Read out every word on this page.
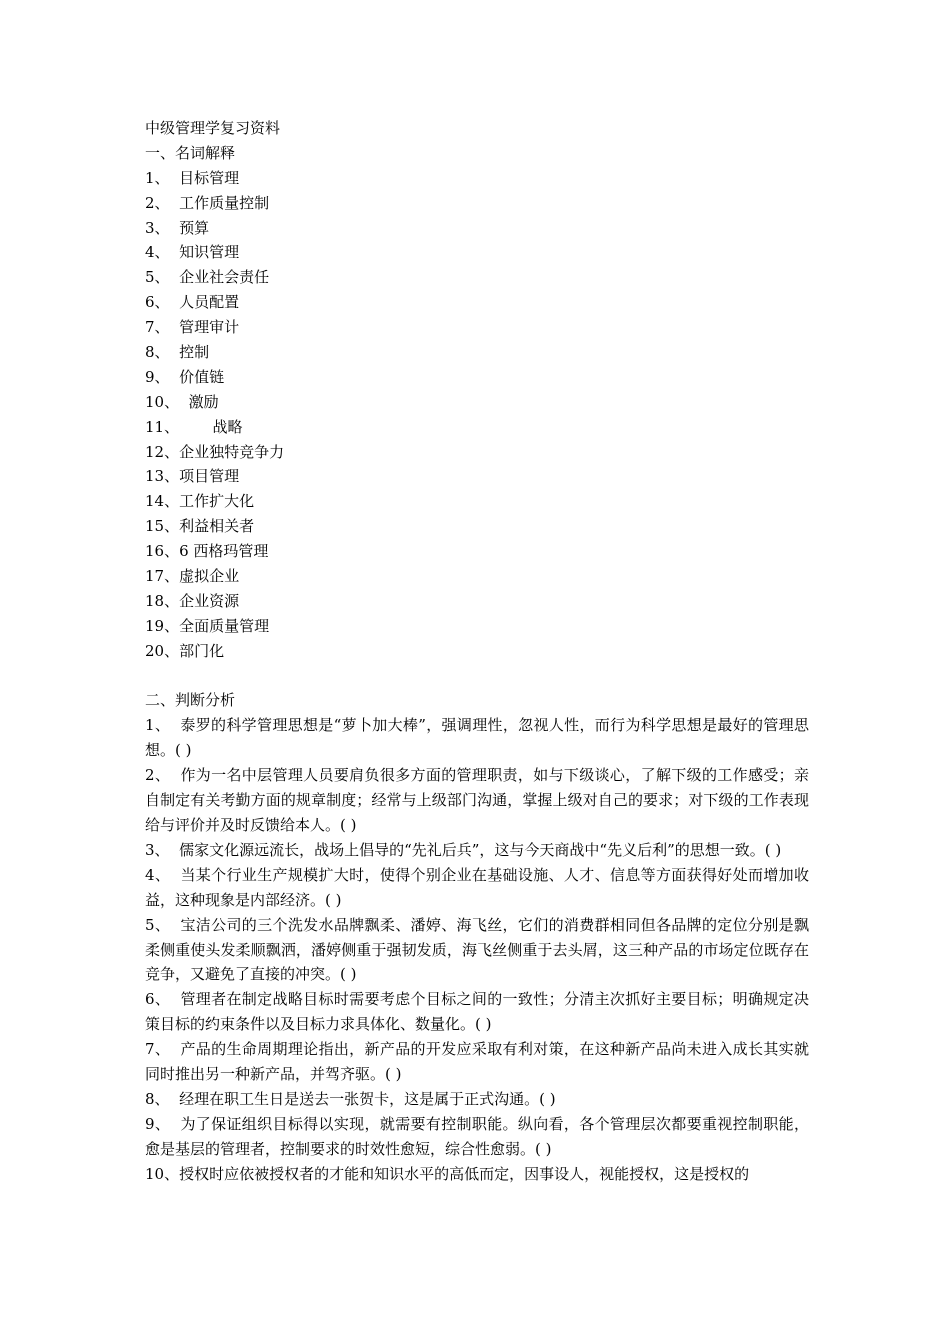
中级管理学复习资料
一、名词解释
1、 目标管理
2、 工作质量控制
3、 预算
4、 知识管理
5、 企业社会责任
6、 人员配置
7、 管理审计
8、 控制
9、 价值链
10、 激励
11、 战略
12、企业独特竞争力
13、项目管理
14、工作扩大化
15、利益相关者
16、6 西格玛管理
17、虚拟企业
18、企业资源
19、全面质量管理
20、部门化
二、判断分析
1、 泰罗的科学管理思想是“萝卜加大棒”，强调理性，忽视人性，而行为科学思想是最好的管理思想。( )
2、 作为一名中层管理人员要肩负很多方面的管理职责，如与下级谈心，了解下级的工作感受；亲自制定有关考勤方面的规章制度；经常与上级部门沟通，掌握上级对自己的要求；对下级的工作表现给与评价并及时反馈给本人。( )
3、 儒家文化源远流长，战场上倡导的“先礼后兵”，这与今天商战中“先义后利”的思想一致。( )
4、 当某个行业生产规模扩大时，使得个别企业在基础设施、人才、信息等方面获得好处而增加收益，这种现象是内部经济。( )
5、 宝洁公司的三个洗发水品牌飘柔、潘婷、海飞丝，它们的消费群相同但各品牌的定位分别是飘柔侧重使头发柔顺飘洒，潘婷侧重于强韧发质，海飞丝侧重于去头屑，这三种产品的市场定位既存在竞争，又避免了直接的冲突。( )
6、 管理者在制定战略目标时需要考虑个目标之间的一致性；分清主次抓好主要目标；明确规定决策目标的约束条件以及目标力求具体化、数量化。( )
7、 产品的生命周期理论指出，新产品的开发应采取有利对策，在这种新产品尚未进入成长其实就同时推出另一种新产品，并驾齐驱。( )
8、 经理在职工生日是送去一张贺卡，这是属于正式沟通。( )
9、 为了保证组织目标得以实现，就需要有控制职能。纵向看，各个管理层次都要重视控制职能，愈是基层的管理者，控制要求的时效性愈短，综合性愈弱。( )
10、授权时应依被授权者的才能和知识水平的高低而定，因事设人，视能授权，这是授权的
